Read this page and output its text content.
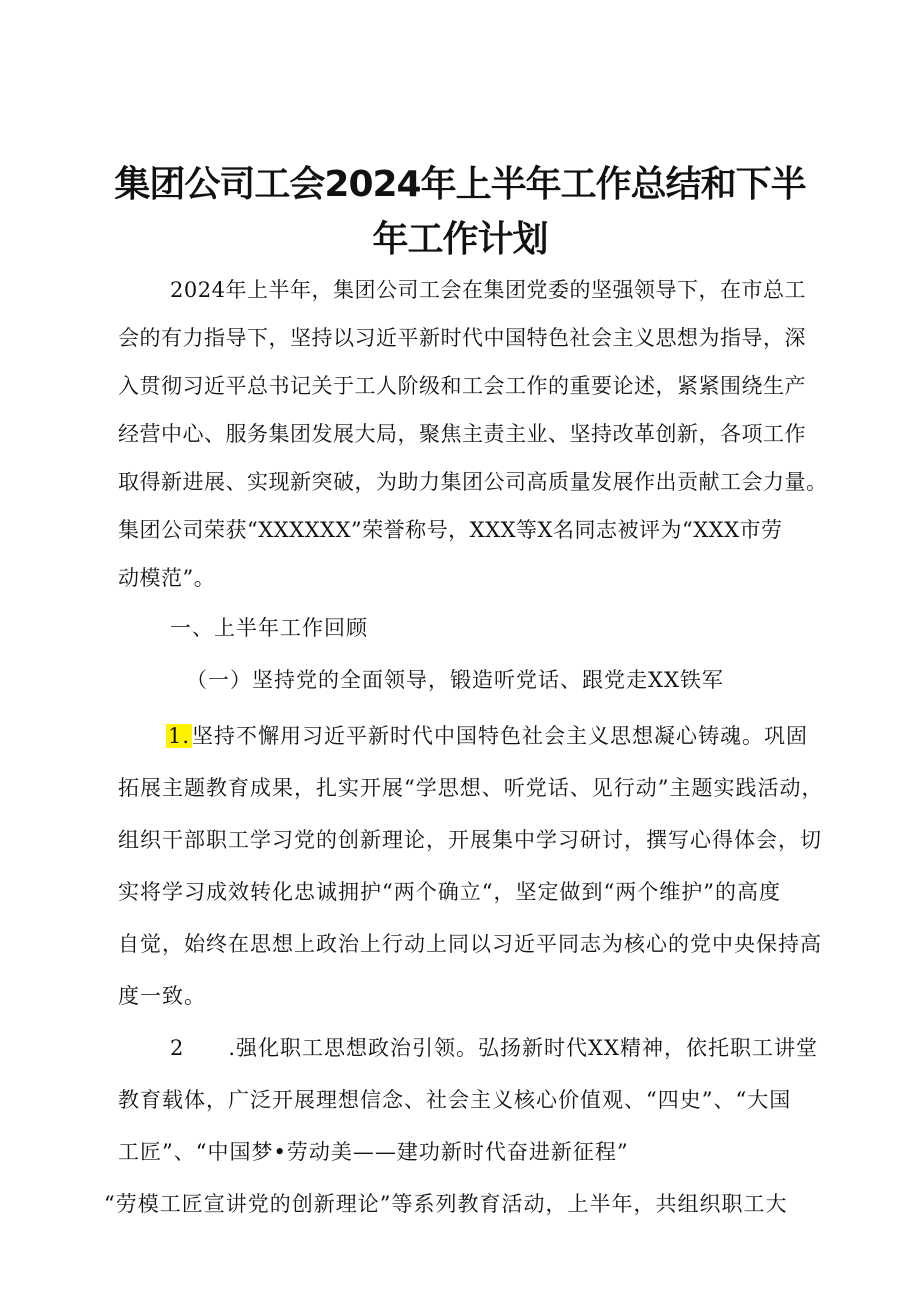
集团公司工会2024年上半年工作总结和下半
年工作计划
2024年上半年，集团公司工会在集团党委的坚强领导下，在市总工
会的有力指导下，坚持以习近平新时代中国特色社会主义思想为指导，深
入贯彻习近平总书记关于工人阶级和工会工作的重要论述，紧紧围绕生产
经营中心、服务集团发展大局，聚焦主责主业、坚持改革创新，各项工作
取得新进展、实现新突破，为助力集团公司高质量发展作出贡献工会力量。
集团公司荣获“XXXXXX”荣誉称号，XXX等X名同志被评为“XXX市劳
动模范”。
一、上半年工作回顾
（一）坚持党的全面领导，锻造听党话、跟党走XX铁军
1.坚持不懈用习近平新时代中国特色社会主义思想凝心铸魂。巩固
拓展主题教育成果，扎实开展“学思想、听党话、见行动”主题实践活动，
组织干部职工学习党的创新理论，开展集中学习研讨，撰写心得体会，切
实将学习成效转化忠诚拥护“两个确立“，坚定做到“两个维护”的高度
自觉，始终在思想上政治上行动上同以习近平同志为核心的党中央保持高
度一致。
2 .强化职工思想政治引领。弘扬新时代XX精神，依托职工讲堂
教育载体，广泛开展理想信念、社会主义核心价值观、“四史”、“大国
工匠”、“中国梦•劳动美——建功新时代奋进新征程”
“劳模工匠宣讲党的创新理论”等系列教育活动，上半年，共组织职工大
